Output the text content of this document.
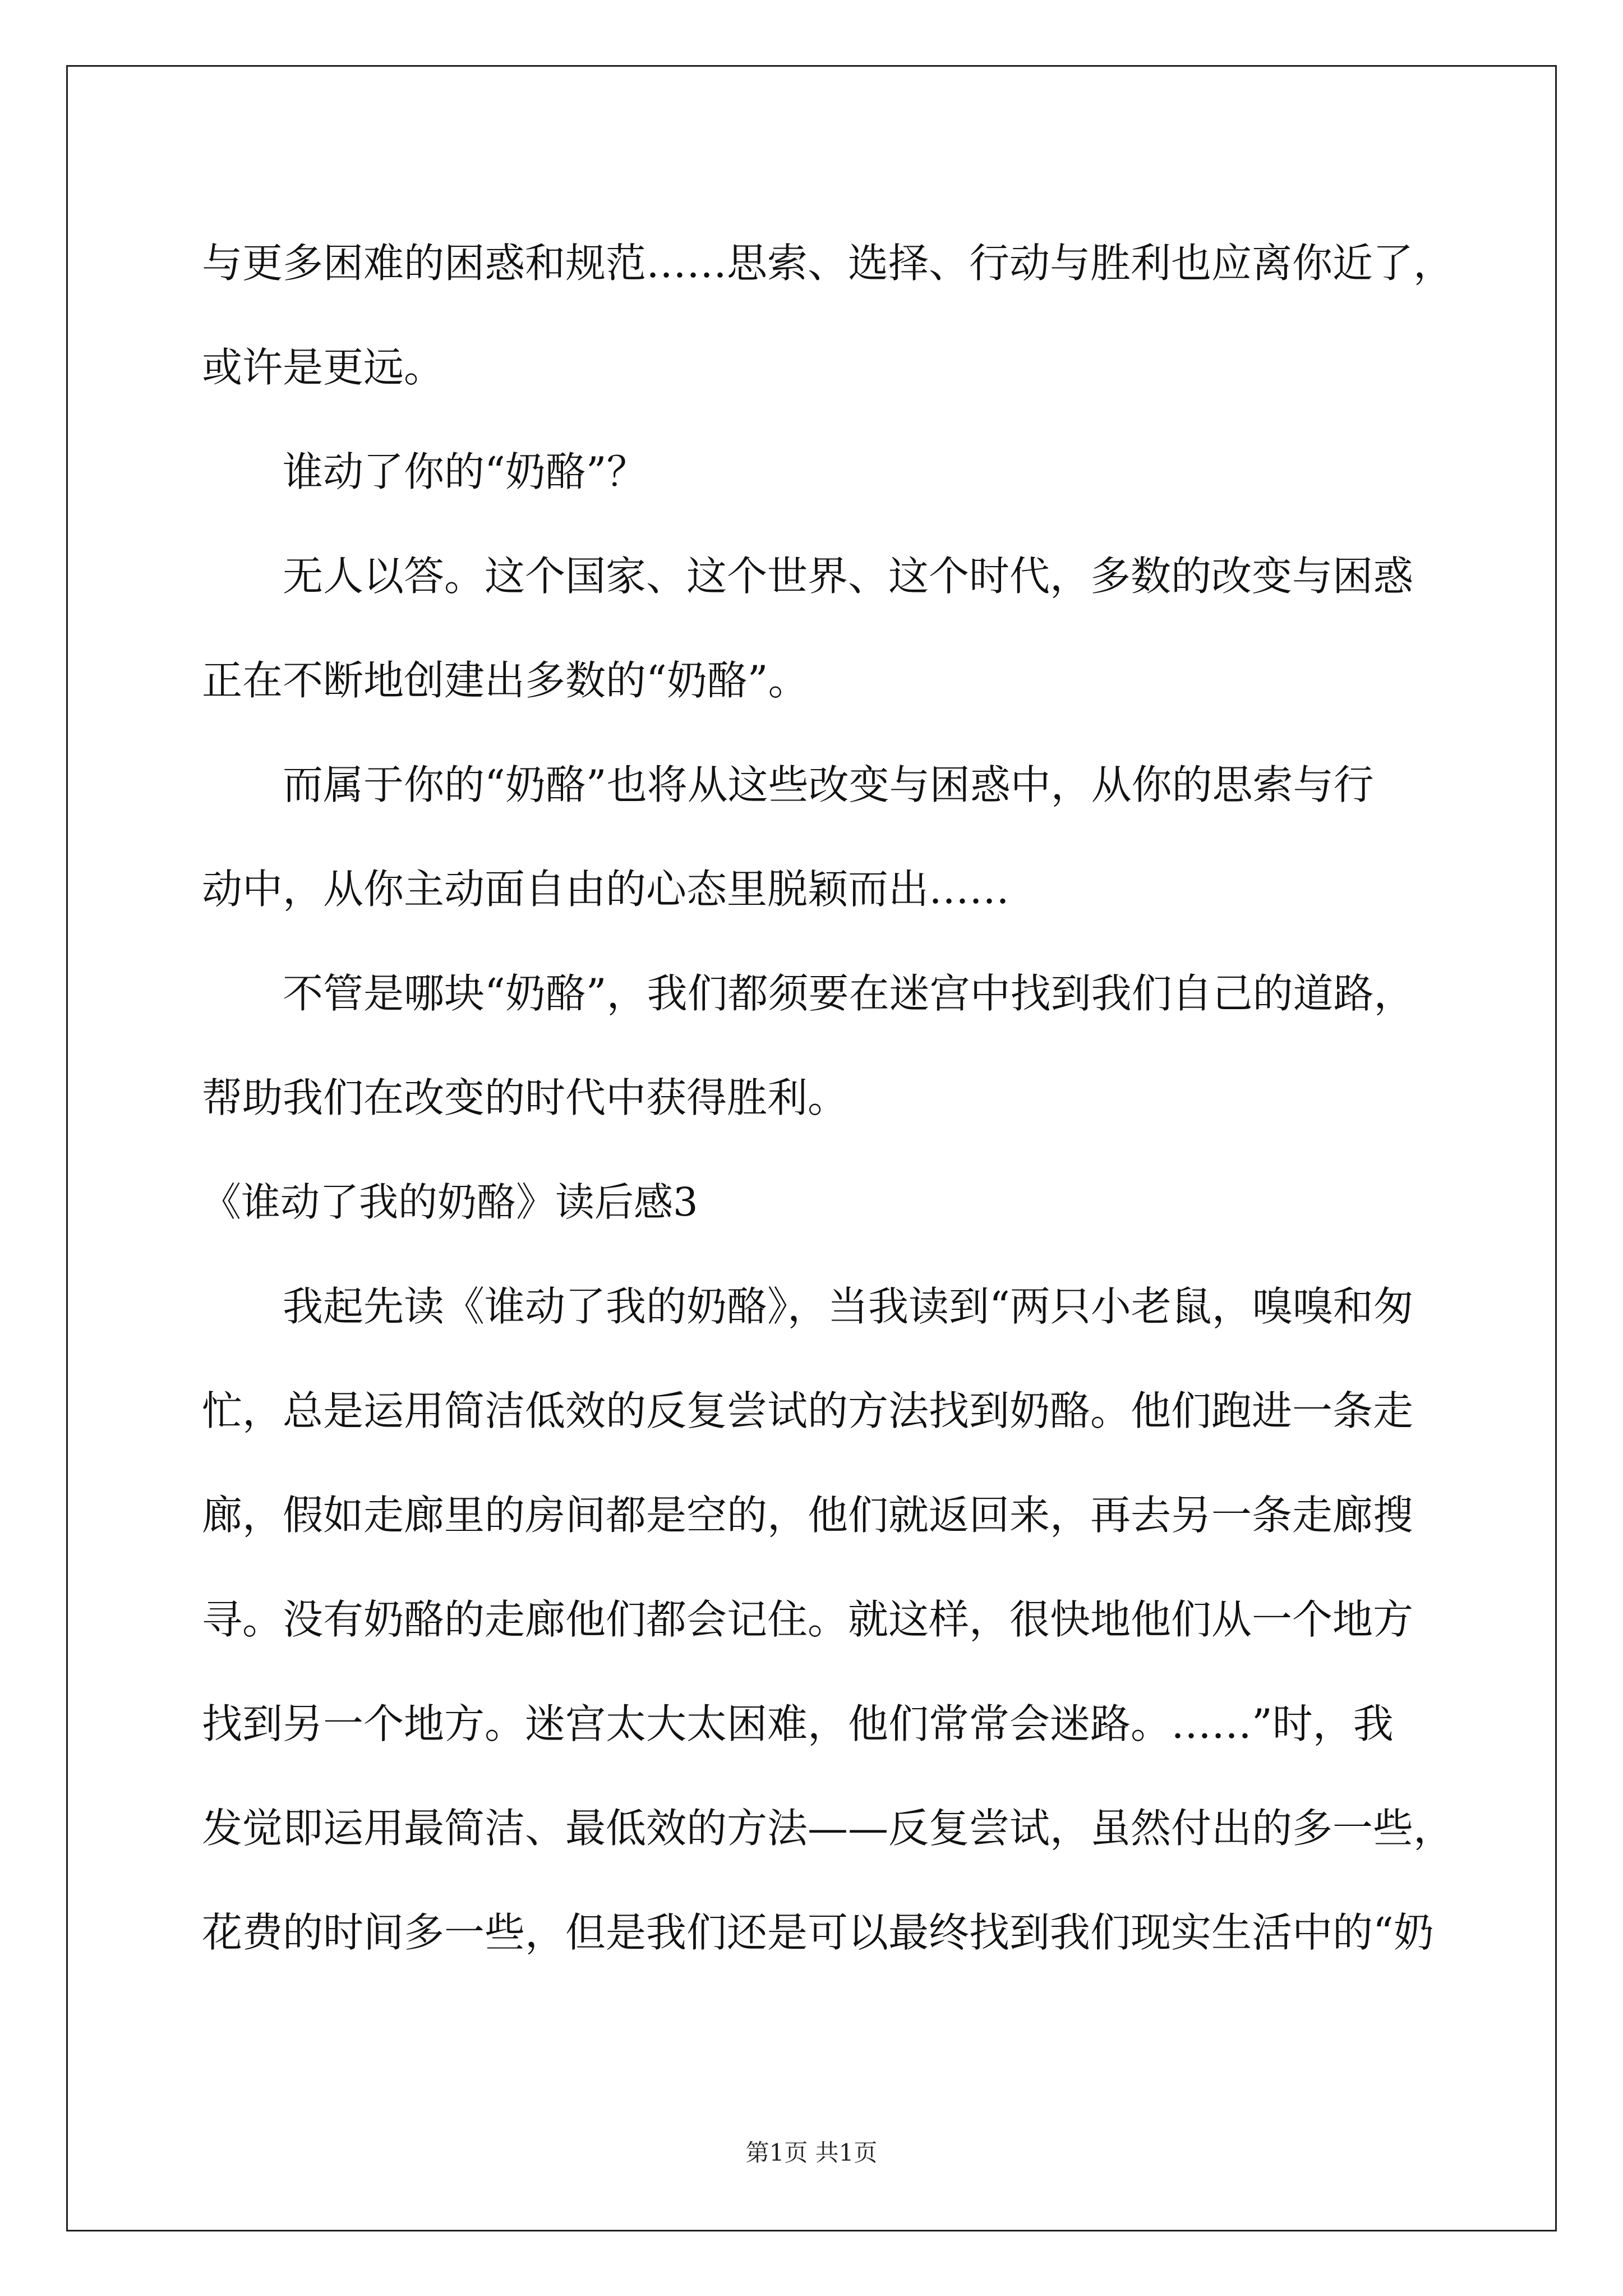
与更多困难的困惑和规范……思索、选择、行动与胜利也应离你近了，
或许是更远。
谁动了你的“奶酪”？
无人以答。这个国家、这个世界、这个时代，多数的改变与困惑
正在不断地创建出多数的“奶酪”。
而属于你的“奶酪”也将从这些改变与困惑中，从你的思索与行
动中，从你主动面自由的心态里脱颖而出……
不管是哪块“奶酪”，我们都须要在迷宫中找到我们自己的道路，
帮助我们在改变的时代中获得胜利。
《谁动了我的奶酪》读后感3
我起先读《谁动了我的奶酪》，当我读到“两只小老鼠，嗅嗅和匆
忙，总是运用简洁低效的反复尝试的方法找到奶酪。他们跑进一条走
廊，假如走廊里的房间都是空的，他们就返回来，再去另一条走廊搜
寻。没有奶酪的走廊他们都会记住。就这样，很快地他们从一个地方
找到另一个地方。迷宫太大太困难，他们常常会迷路。……”时，我
发觉即运用最简洁、最低效的方法——反复尝试，虽然付出的多一些，
花费的时间多一些，但是我们还是可以最终找到我们现实生活中的“奶
第1页 共1页
